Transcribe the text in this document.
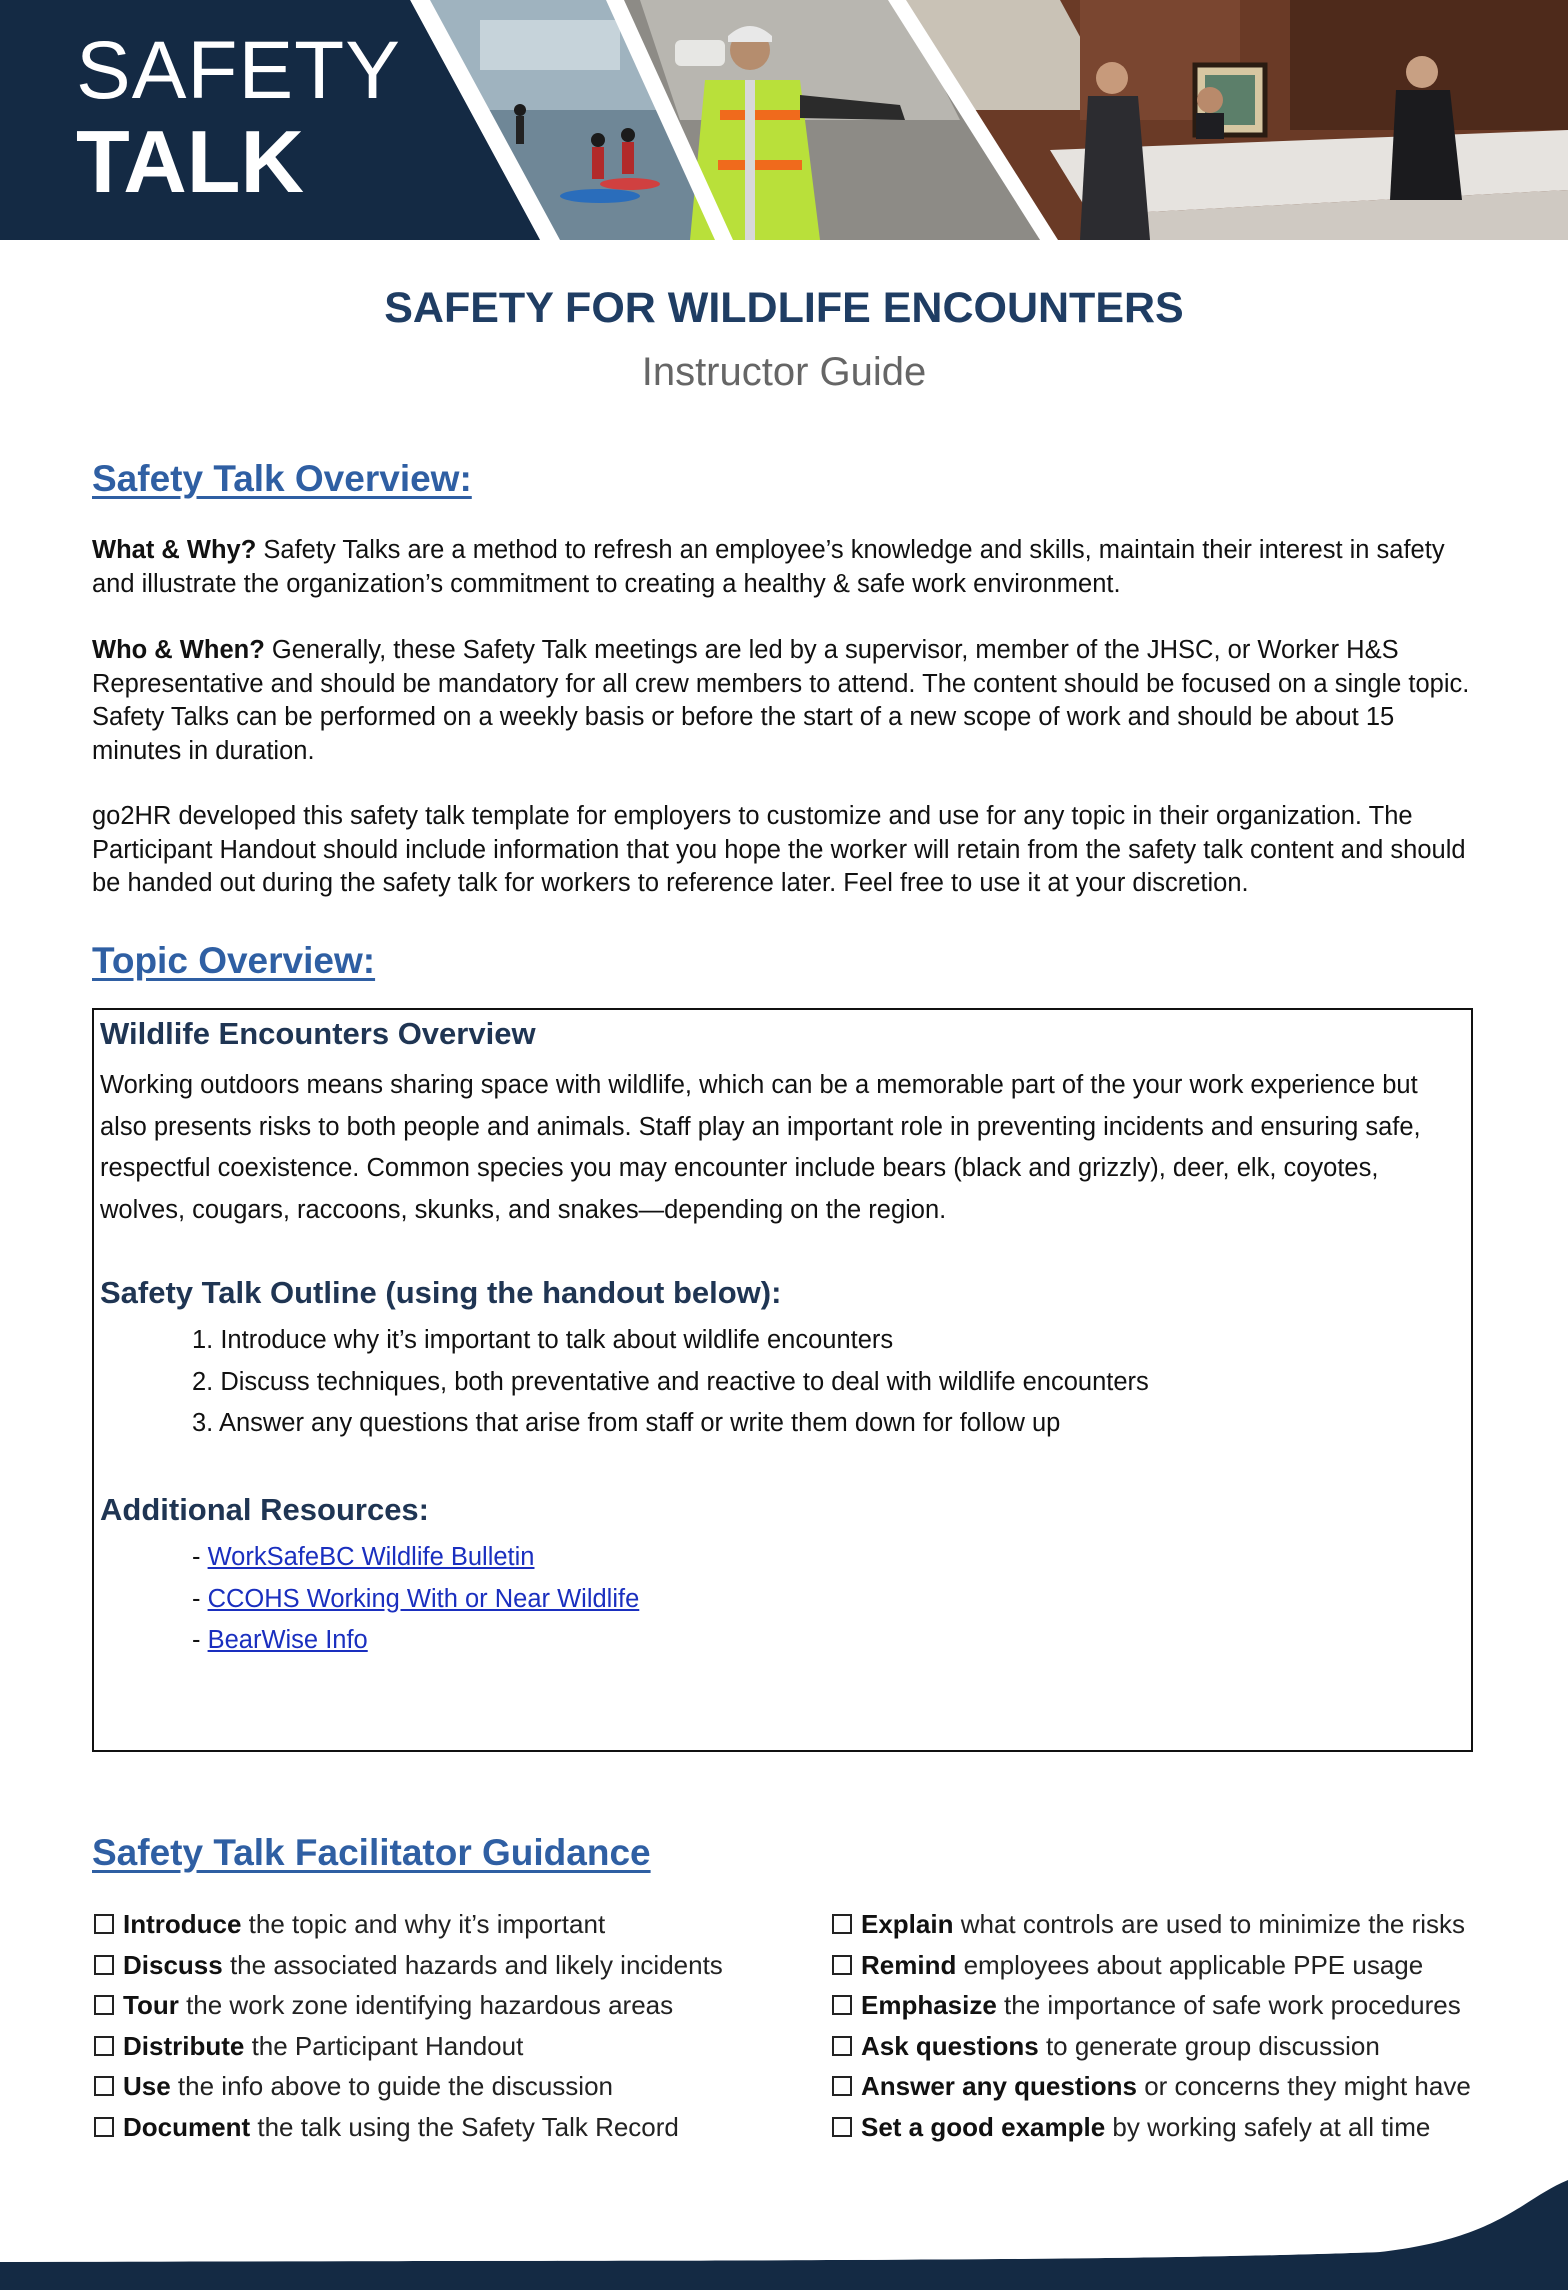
SAFETY
TALK
SAFETY FOR WILDLIFE ENCOUNTERS
Instructor Guide
Safety Talk Overview:
What & Why? Safety Talks are a method to refresh an employee’s knowledge and skills, maintain their interest in safety and illustrate the organization’s commitment to creating a healthy & safe work environment.
Who & When? Generally, these Safety Talk meetings are led by a supervisor, member of the JHSC, or Worker H&S Representative and should be mandatory for all crew members to attend. The content should be focused on a single topic. Safety Talks can be performed on a weekly basis or before the start of a new scope of work and should be about 15 minutes in duration.
go2HR developed this safety talk template for employers to customize and use for any topic in their organization. The Participant Handout should include information that you hope the worker will retain from the safety talk content and should be handed out during the safety talk for workers to reference later. Feel free to use it at your discretion.
Topic Overview:
Wildlife Encounters Overview
Working outdoors means sharing space with wildlife, which can be a memorable part of the your work experience but also presents risks to both people and animals. Staff play an important role in preventing incidents and ensuring safe, respectful coexistence. Common species you may encounter include bears (black and grizzly), deer, elk, coyotes, wolves, cougars, raccoons, skunks, and snakes—depending on the region.
Safety Talk Outline (using the handout below):
1. Introduce why it’s important to talk about wildlife encounters
2. Discuss techniques, both preventative and reactive to deal with wildlife encounters
3. Answer any questions that arise from staff or write them down for follow up
Additional Resources:
- WorkSafeBC Wildlife Bulletin
- CCOHS Working With or Near Wildlife
- BearWise Info
Safety Talk Facilitator Guidance
Introduce the topic and why it’s important
Discuss the associated hazards and likely incidents
Tour the work zone identifying hazardous areas
Distribute the Participant Handout
Use the info above to guide the discussion
Document the talk using the Safety Talk Record
Explain what controls are used to minimize the risks
Remind employees about applicable PPE usage
Emphasize the importance of safe work procedures
Ask questions to generate group discussion
Answer any questions or concerns they might have
Set a good example by working safely at all time
